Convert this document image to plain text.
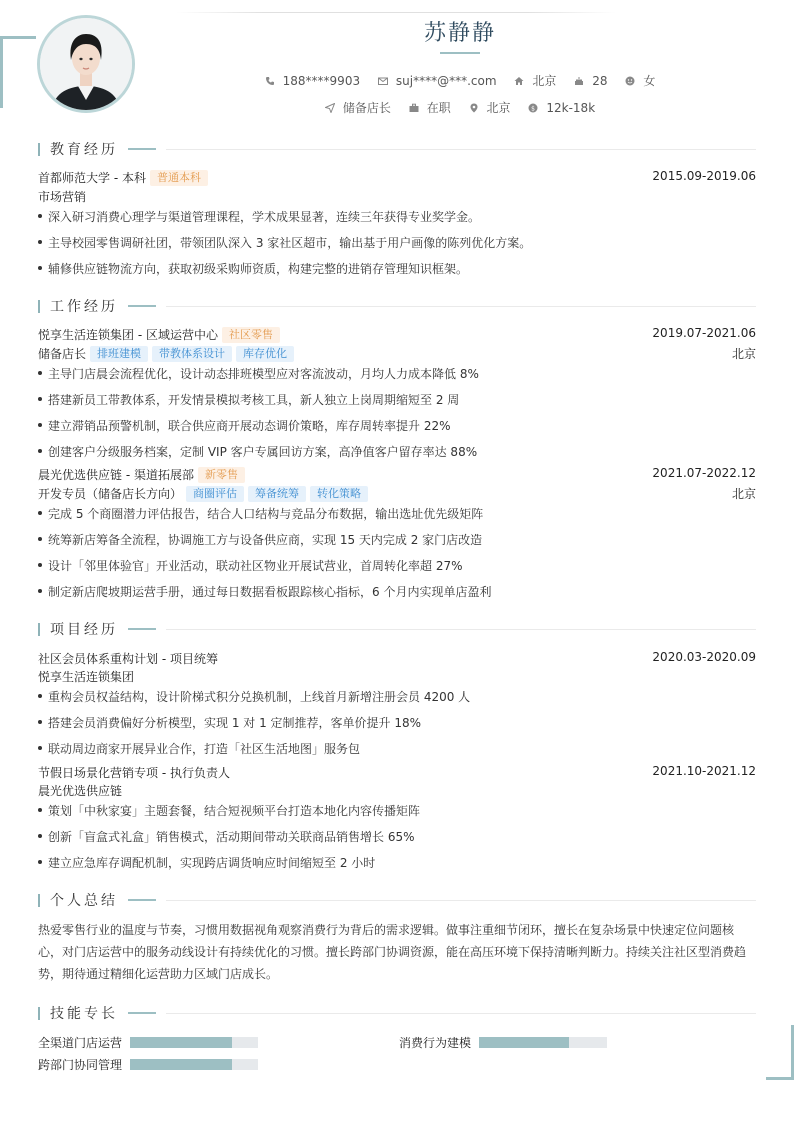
苏静静
188****9903	suj****@***.com	北京	28	女
储备店长	在职	北京	$ 12k-18k
教育经历
首都师范大学 - 本科 普通本科	2015.09-2019.06
市场营销
深入研习消费心理学与渠道管理课程，学术成果显著，连续三年获得专业奖学金。
主导校园零售调研社团，带领团队深入 3 家社区超市，输出基于用户画像的陈列优化方案。
辅修供应链物流方向，获取初级采购师资质，构建完整的进销存管理知识框架。
工作经历
悦享生活连锁集团 - 区域运营中心 社区零售	2019.07-2021.06
储备店长 排班建模 带教体系设计 库存优化	北京
主导门店晨会流程优化，设计动态排班模型应对客流波动，月均人力成本降低 8%
搭建新员工带教体系，开发情景模拟考核工具，新人独立上岗周期缩短至 2 周
建立滞销品预警机制，联合供应商开展动态调价策略，库存周转率提升 22%
创建客户分级服务档案，定制 VIP 客户专属回访方案，高净值客户留存率达 88%
晨光优选供应链 - 渠道拓展部 新零售	2021.07-2022.12
开发专员（储备店长方向） 商圈评估 筹备统筹 转化策略	北京
完成 5 个商圈潜力评估报告，结合人口结构与竞品分布数据，输出选址优先级矩阵
统筹新店筹备全流程，协调施工方与设备供应商，实现 15 天内完成 2 家门店改造
设计「邻里体验官」开业活动，联动社区物业开展试营业，首周转化率超 27%
制定新店爬坡期运营手册，通过每日数据看板跟踪核心指标，6 个月内实现单店盈利
项目经历
社区会员体系重构计划 - 项目统筹	2020.03-2020.09
悦享生活连锁集团
重构会员权益结构，设计阶梯式积分兑换机制，上线首月新增注册会员 4200 人
搭建会员消费偏好分析模型，实现 1 对 1 定制推荐，客单价提升 18%
联动周边商家开展异业合作，打造「社区生活地图」服务包
节假日场景化营销专项 - 执行负责人	2021.10-2021.12
晨光优选供应链
策划「中秋家宴」主题套餐，结合短视频平台打造本地化内容传播矩阵
创新「盲盒式礼盒」销售模式，活动期间带动关联商品销售增长 65%
建立应急库存调配机制，实现跨店调货响应时间缩短至 2 小时
个人总结
热爱零售行业的温度与节奏，习惯用数据视角观察消费行为背后的需求逻辑。做事注重细节闭环，擅长在复杂场景中快速定位问题核心，对门店运营中的服务动线设计有持续优化的习惯。擅长跨部门协调资源，能在高压环境下保持清晰判断力。持续关注社区型消费趋势，期待通过精细化运营助力区域门店成长。
技能专长
全渠道门店运营	消费行为建模
跨部门协同管理
